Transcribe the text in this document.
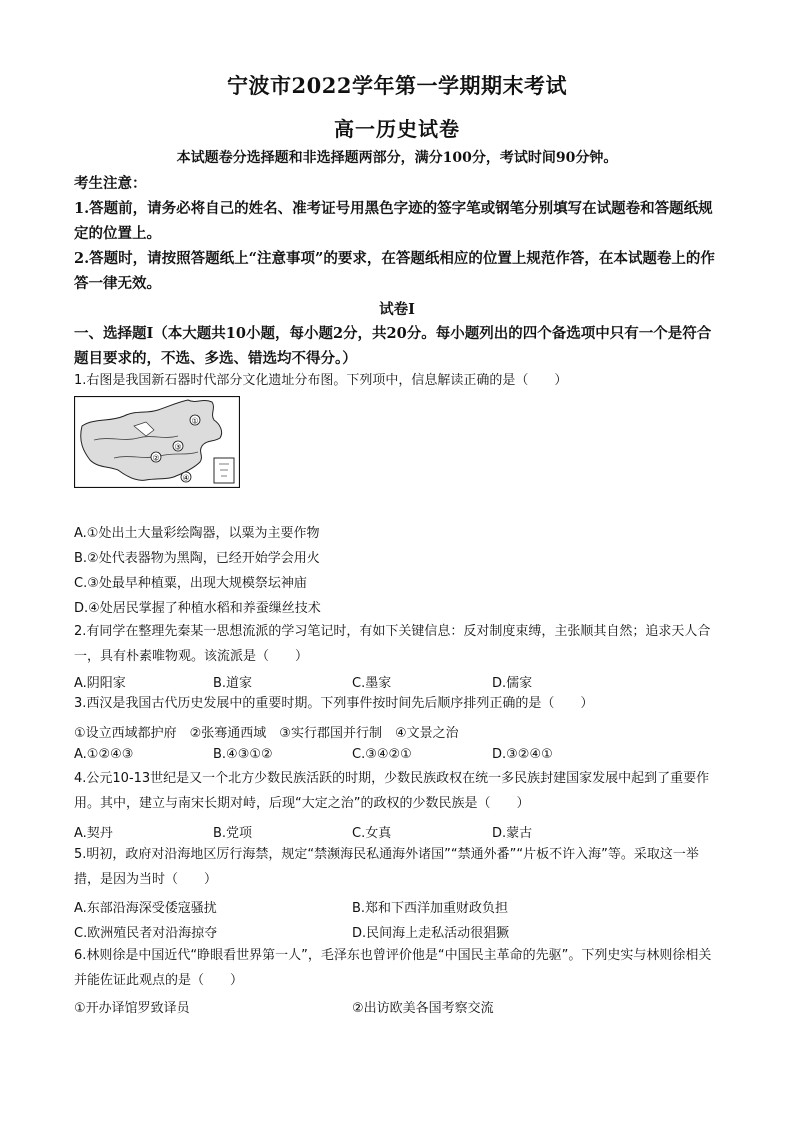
宁波市2022学年第一学期期末考试
高一历史试卷
本试题卷分选择题和非选择题两部分，满分100分，考试时间90分钟。
考生注意：
1.答题前，请务必将自己的姓名、准考证号用黑色字迹的签字笔或钢笔分别填写在试题卷和答题纸规定的位置上。
2.答题时，请按照答题纸上“注意事项”的要求，在答题纸相应的位置上规范作答，在本试题卷上的作答一律无效。
试卷Ⅰ
一、选择题Ⅰ（本大题共10小题，每小题2分，共20分。每小题列出的四个备选项中只有一个是符合题目要求的，不选、多选、错选均不得分。）
1.右图是我国新石器时代部分文化遗址分布图。下列项中，信息解读正确的是（　　）
①
②
③
④
A.①处出土大量彩绘陶器，以粟为主要作物
B.②处代表器物为黑陶，已经开始学会用火
C.③处最早种植粟，出现大规模祭坛神庙
D.④处居民掌握了种植水稻和养蚕缫丝技术
2.有同学在整理先秦某一思想流派的学习笔记时，有如下关键信息：反对制度束缚，主张顺其自然；追求天人合一，具有朴素唯物观。该流派是（　　）
A.阴阳家	B.道家	C.墨家	D.儒家
3.西汉是我国古代历史发展中的重要时期。下列事件按时间先后顺序排列正确的是（　　）
①设立西域都护府　②张骞通西域　③实行郡国并行制　④文景之治
A.①②④③	B.④③①②	C.③④②①	D.③②④①
4.公元10-13世纪是又一个北方少数民族活跃的时期，少数民族政权在统一多民族封建国家发展中起到了重要作用。其中，建立与南宋长期对峙，后现“大定之治”的政权的少数民族是（　　）
A.契丹	B.党项	C.女真	D.蒙古
5.明初，政府对沿海地区厉行海禁，规定“禁濒海民私通海外诸国”“禁通外番”“片板不许入海”等。采取这一举措，是因为当时（　　）
A.东部沿海深受倭寇骚扰	B.郑和下西洋加重财政负担
C.欧洲殖民者对沿海掠夺	D.民间海上走私活动很猖獗
6.林则徐是中国近代“睁眼看世界第一人”，毛泽东也曾评价他是“中国民主革命的先驱”。下列史实与林则徐相关并能佐证此观点的是（　　）
①开办译馆罗致译员	②出访欧美各国考察交流
